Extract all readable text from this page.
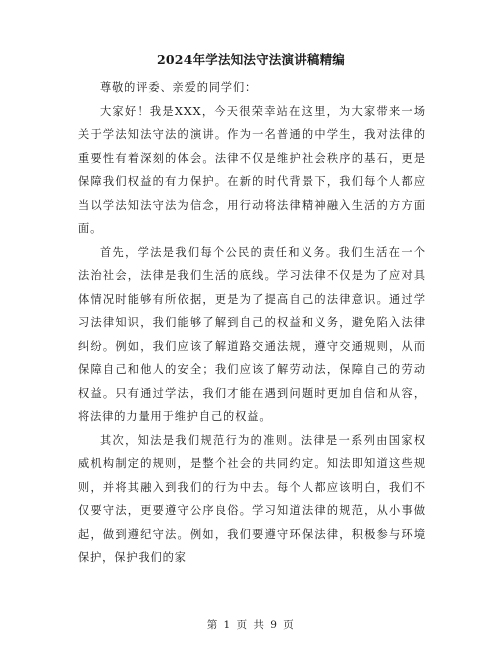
2024年学法知法守法演讲稿精编

尊敬的评委、亲爱的同学们：

大家好！我是XXX，今天很荣幸站在这里，为大家带来一场关于学法知法守法的演讲。作为一名普通的中学生，我对法律的重要性有着深刻的体会。法律不仅是维护社会秩序的基石，更是保障我们权益的有力保护。在新的时代背景下，我们每个人都应当以学法知法守法为信念，用行动将法律精神融入生活的方方面面。

首先，学法是我们每个公民的责任和义务。我们生活在一个法治社会，法律是我们生活的底线。学习法律不仅是为了应对具体情况时能够有所依据，更是为了提高自己的法律意识。通过学习法律知识，我们能够了解到自己的权益和义务，避免陷入法律纠纷。例如，我们应该了解道路交通法规，遵守交通规则，从而保障自己和他人的安全；我们应该了解劳动法，保障自己的劳动权益。只有通过学法，我们才能在遇到问题时更加自信和从容，将法律的力量用于维护自己的权益。

其次，知法是我们规范行为的准则。法律是一系列由国家权威机构制定的规则，是整个社会的共同约定。知法即知道这些规则，并将其融入到我们的行为中去。每个人都应该明白，我们不仅要守法，更要遵守公序良俗。学习知道法律的规范，从小事做起，做到遵纪守法。例如，我们要遵守环保法律，积极参与环境保护，保护我们的家

第 1 页 共 9 页
